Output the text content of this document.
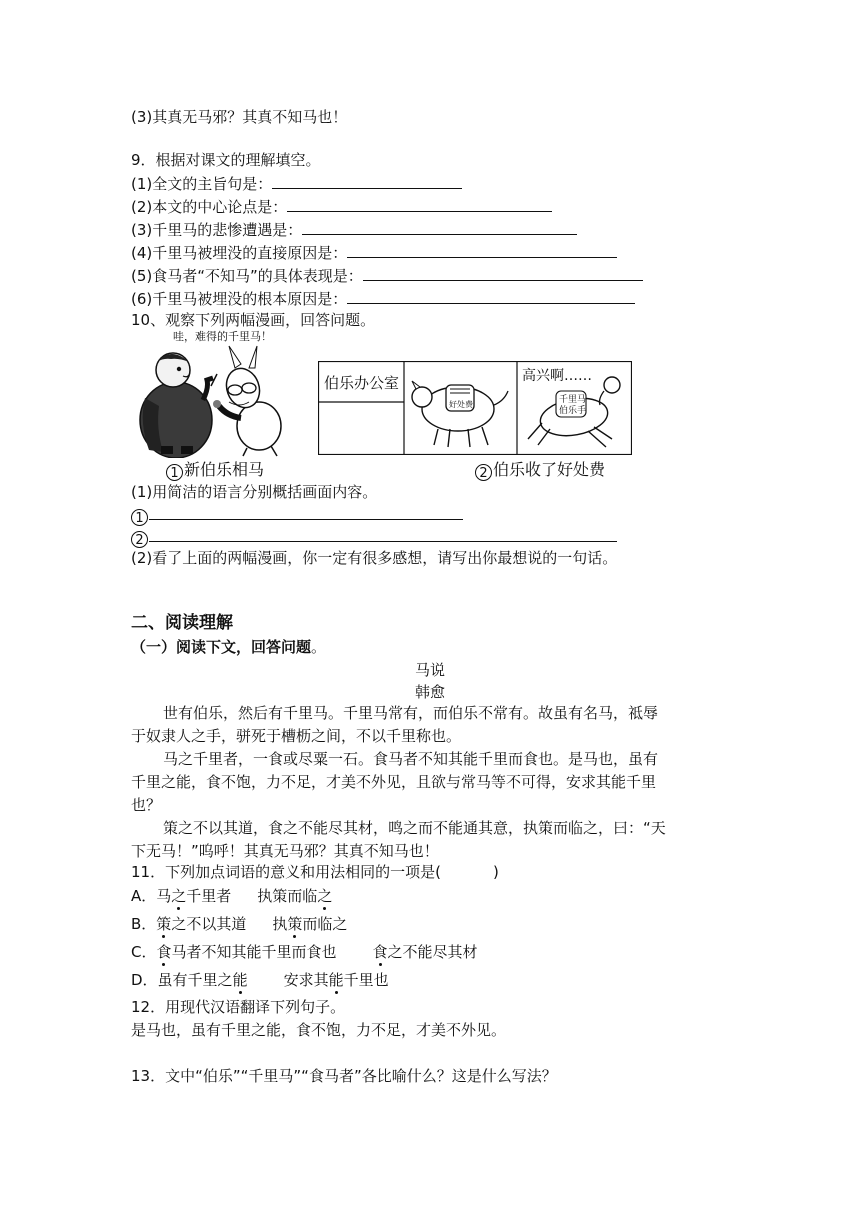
(3)其真无马邪？其真不知马也！
9．根据对课文的理解填空。
(1)全文的主旨句是：
(2)本文的中心论点是：
(3)千里马的悲惨遭遇是：
(4)千里马被埋没的直接原因是：
(5)食马者“不知马”的具体表现是：
(6)千里马被埋没的根本原因是：
10、观察下列两幅漫画，回答问题。
哇，难得的千里马！
1 新伯乐相马
伯乐办公室
好处费
高兴啊……
千里马
伯乐手
2 伯乐收了好处费
(1)用简洁的语言分别概括画面内容。
1
2
(2)看了上面的两幅漫画，你一定有很多感想，请写出你最想说的一句话。
二、阅读理解
（一）阅读下文，回答问题。
马说
韩愈
世有伯乐，然后有千里马。千里马常有，而伯乐不常有。故虽有名马，祗辱
于奴隶人之手，骈死于槽枥之间，不以千里称也。
马之千里者，一食或尽粟一石。食马者不知其能千里而食也。是马也，虽有
千里之能，食不饱，力不足，才美不外见，且欲与常马等不可得，安求其能千里
也？
策之不以其道，食之不能尽其材，鸣之而不能通其意，执策而临之，曰：“天
下无马！”呜呼！其真无马邪？其真不知马也！
11．下列加点词语的意义和用法相同的一项是(	)
A．马之千里者 执策而临之
B．策之不以其道 执策而临之
C．食马者不知其能千里而食也 食之不能尽其材
D．虽有千里之能 安求其能千里也
12．用现代汉语翻译下列句子。
是马也，虽有千里之能，食不饱，力不足，才美不外见。
13．文中“伯乐”“千里马”“食马者”各比喻什么？这是什么写法？
